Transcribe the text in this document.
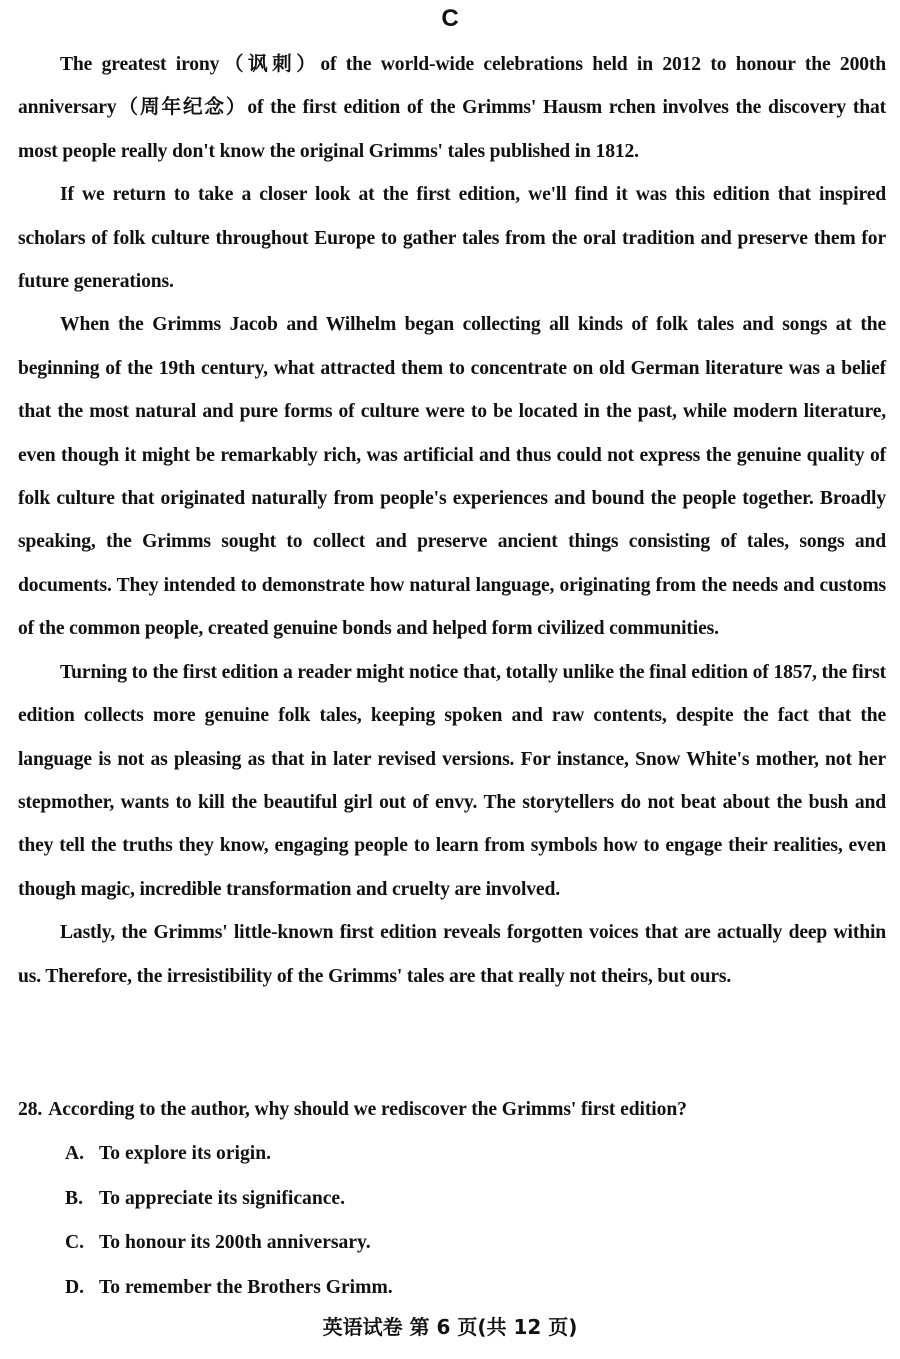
C

The greatest irony（讽刺）of the world-wide celebrations held in 2012 to honour the 200th anniversary（周年纪念）of the first edition of the Grimms' Hausm rchen involves the discovery that most people really don't know the original Grimms' tales published in 1812.

If we return to take a closer look at the first edition, we'll find it was this edition that inspired scholars of folk culture throughout Europe to gather tales from the oral tradition and preserve them for future generations.

When the Grimms Jacob and Wilhelm began collecting all kinds of folk tales and songs at the beginning of the 19th century, what attracted them to concentrate on old German literature was a belief that the most natural and pure forms of culture were to be located in the past, while modern literature, even though it might be remarkably rich, was artificial and thus could not express the genuine quality of folk culture that originated naturally from people's experiences and bound the people together. Broadly speaking, the Grimms sought to collect and preserve ancient things consisting of tales, songs and documents. They intended to demonstrate how natural language, originating from the needs and customs of the common people, created genuine bonds and helped form civilized communities.

Turning to the first edition a reader might notice that, totally unlike the final edition of 1857, the first edition collects more genuine folk tales, keeping spoken and raw contents, despite the fact that the language is not as pleasing as that in later revised versions. For instance, Snow White's mother, not her stepmother, wants to kill the beautiful girl out of envy. The storytellers do not beat about the bush and they tell the truths they know, engaging people to learn from symbols how to engage their realities, even though magic, incredible transformation and cruelty are involved.

Lastly, the Grimms' little-known first edition reveals forgotten voices that are actually deep within us. Therefore, the irresistibility of the Grimms' tales are that really not theirs, but ours.

28. According to the author, why should we rediscover the Grimms' first edition?

A. To explore its origin.
B. To appreciate its significance.
C. To honour its 200th anniversary.
D. To remember the Brothers Grimm.
英语试卷 第 6 页(共 12 页)
